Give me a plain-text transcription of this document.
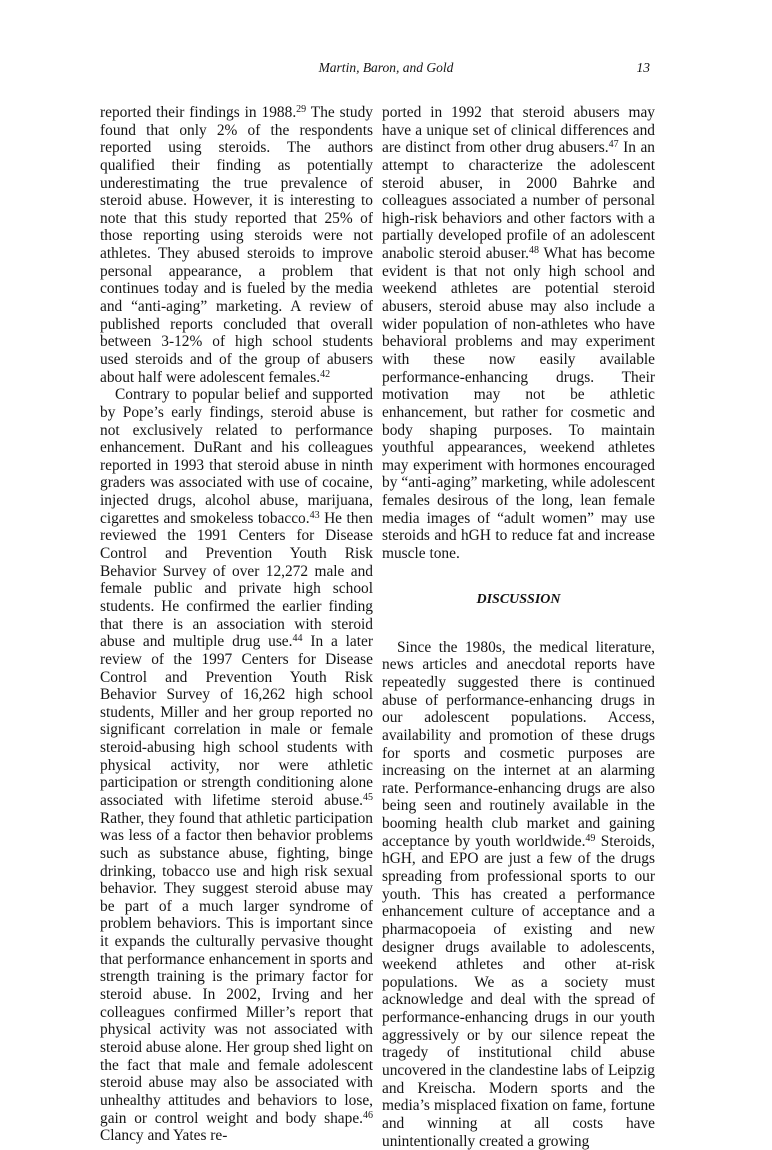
Martin, Baron, and Gold	13

reported their findings in 1988.29 The study found that only 2% of the respondents reported using steroids. The authors qualified their finding as potentially underestimating the true prevalence of steroid abuse. However, it is interesting to note that this study reported that 25% of those reporting using steroids were not athletes. They abused steroids to improve personal appearance, a problem that continues today and is fueled by the media and “anti-aging” marketing. A review of published reports concluded that overall between 3-12% of high school students used steroids and of the group of abusers about half were adolescent females.$^{42}$

Contrary to popular belief and supported by Pope’s early findings, steroid abuse is not exclusively related to performance enhancement. DuRant and his colleagues reported in 1993 that steroid abuse in ninth graders was associated with use of cocaine, injected drugs, alcohol abuse, marijuana, cigarettes and smokeless tobacco.$^{43}$ He then reviewed the 1991 Centers for Disease Control and Prevention Youth Risk Behavior Survey of over 12,272 male and female public and private high school students. He confirmed the earlier finding that there is an association with steroid abuse and multiple drug use.$^{44}$ In a later review of the 1997 Centers for Disease Control and Prevention Youth Risk Behavior Survey of 16,262 high school students, Miller and her group reported no significant correlation in male or female steroid-abusing high school students with physical activity, nor were athletic participation or strength conditioning alone associated with lifetime steroid abuse.$^{45}$ Rather, they found that athletic participation was less of a factor then behavior problems such as substance abuse, fighting, binge drinking, tobacco use and high risk sexual behavior. They suggest steroid abuse may be part of a much larger syndrome of problem behaviors. This is important since it expands the culturally pervasive thought that performance enhancement in sports and strength training is the primary factor for steroid abuse. In 2002, Irving and her colleagues confirmed Miller’s report that physical activity was not associated with steroid abuse alone. Her group shed light on the fact that male and female adolescent steroid abuse may also be associated with unhealthy attitudes and behaviors to lose, gain or control weight and body shape.$^{46}$ Clancy and Yates re-

ported in 1992 that steroid abusers may have a unique set of clinical differences and are distinct from other drug abusers.$^{47}$ In an attempt to characterize the adolescent steroid abuser, in 2000 Bahrke and colleagues associated a number of personal high-risk behaviors and other factors with a partially developed profile of an adolescent anabolic steroid abuser.$^{48}$ What has become evident is that not only high school and weekend athletes are potential steroid abusers, steroid abuse may also include a wider population of non-athletes who have behavioral problems and may experiment with these now easily available performance-enhancing drugs. Their motivation may not be athletic enhancement, but rather for cosmetic and body shaping purposes. To maintain youthful appearances, weekend athletes may experiment with hormones encouraged by “anti-aging” marketing, while adolescent females desirous of the long, lean female media images of “adult women” may use steroids and hGH to reduce fat and increase muscle tone.

DISCUSSION

Since the 1980s, the medical literature, news articles and anecdotal reports have repeatedly suggested there is continued abuse of performance-enhancing drugs in our adolescent populations. Access, availability and promotion of these drugs for sports and cosmetic purposes are increasing on the internet at an alarming rate. Performance-enhancing drugs are also being seen and routinely available in the booming health club market and gaining acceptance by youth worldwide.$^{49}$ Steroids, hGH, and EPO are just a few of the drugs spreading from professional sports to our youth. This has created a performance enhancement culture of acceptance and a pharmacopoeia of existing and new designer drugs available to adolescents, weekend athletes and other at-risk populations. We as a society must acknowledge and deal with the spread of performance-enhancing drugs in our youth aggressively or by our silence repeat the tragedy of institutional child abuse uncovered in the clandestine labs of Leipzig and Kreischa. Modern sports and the media’s misplaced fixation on fame, fortune and winning at all costs have unintentionally created a growing
